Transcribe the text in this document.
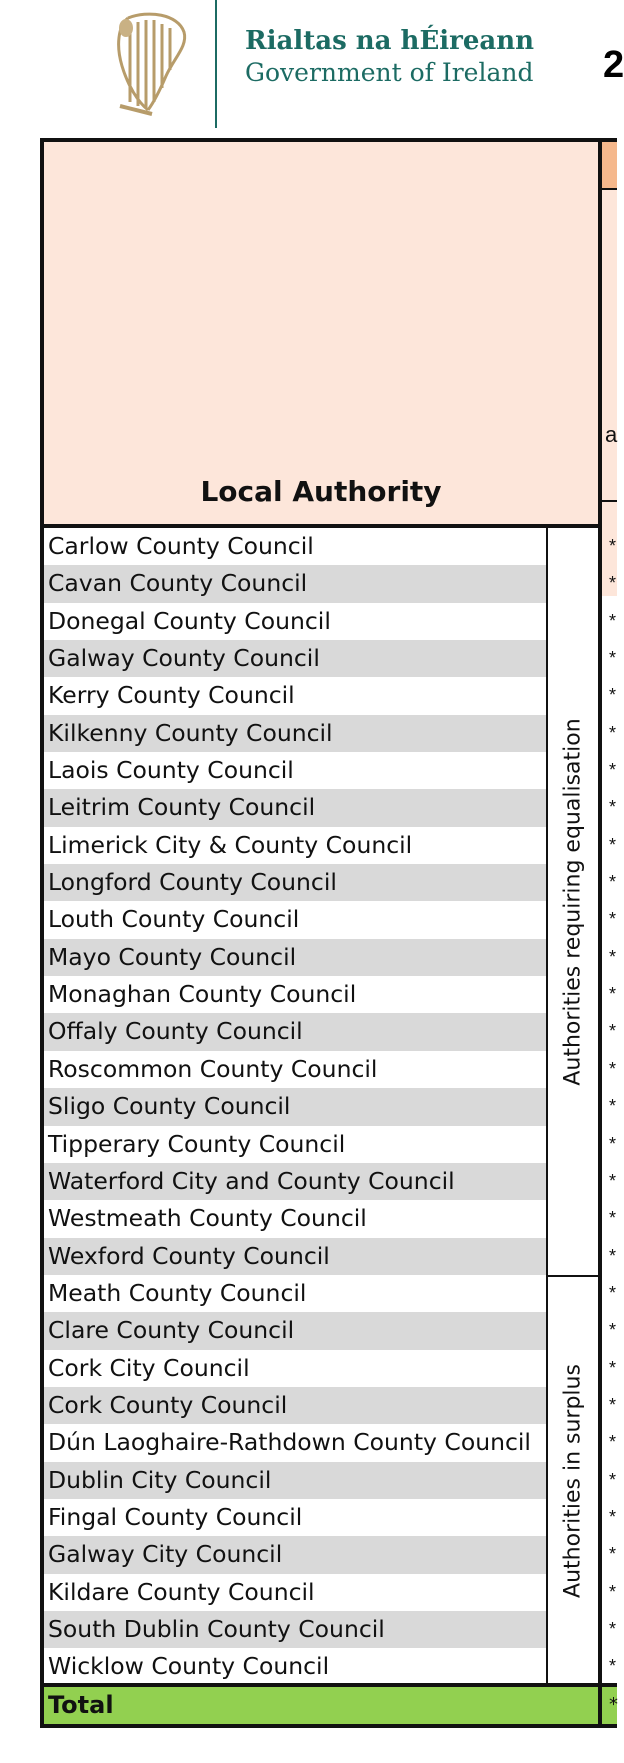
Rialtas na hÉireann
Government of Ireland 2
Local Authority
a
Carlow County Council
Cavan County Council
Donegal County Council
Galway County Council
Kerry County Council
Kilkenny County Council
Laois County Council
Leitrim County Council
Limerick City & County Council
Longford County Council
Louth County Council
Mayo County Council
Monaghan County Council
Offaly County Council
Roscommon County Council
Sligo County Council
Tipperary County Council
Waterford City and County Council
Westmeath County Council
Wexford County Council
Meath County Council
Clare County Council
Cork City Council
Cork County Council
Dún Laoghaire-Rathdown County Council
Dublin City Council
Fingal County Council
Galway City Council
Kildare County Council
South Dublin County Council
Wicklow County Council
*
*
*
*
*
*
*
*
*
*
*
*
*
*
*
*
*
*
*
*
*
*
*
*
*
*
*
*
*
*
*
Authorities requiring equalisation
Authorities in surplus
Total	*
